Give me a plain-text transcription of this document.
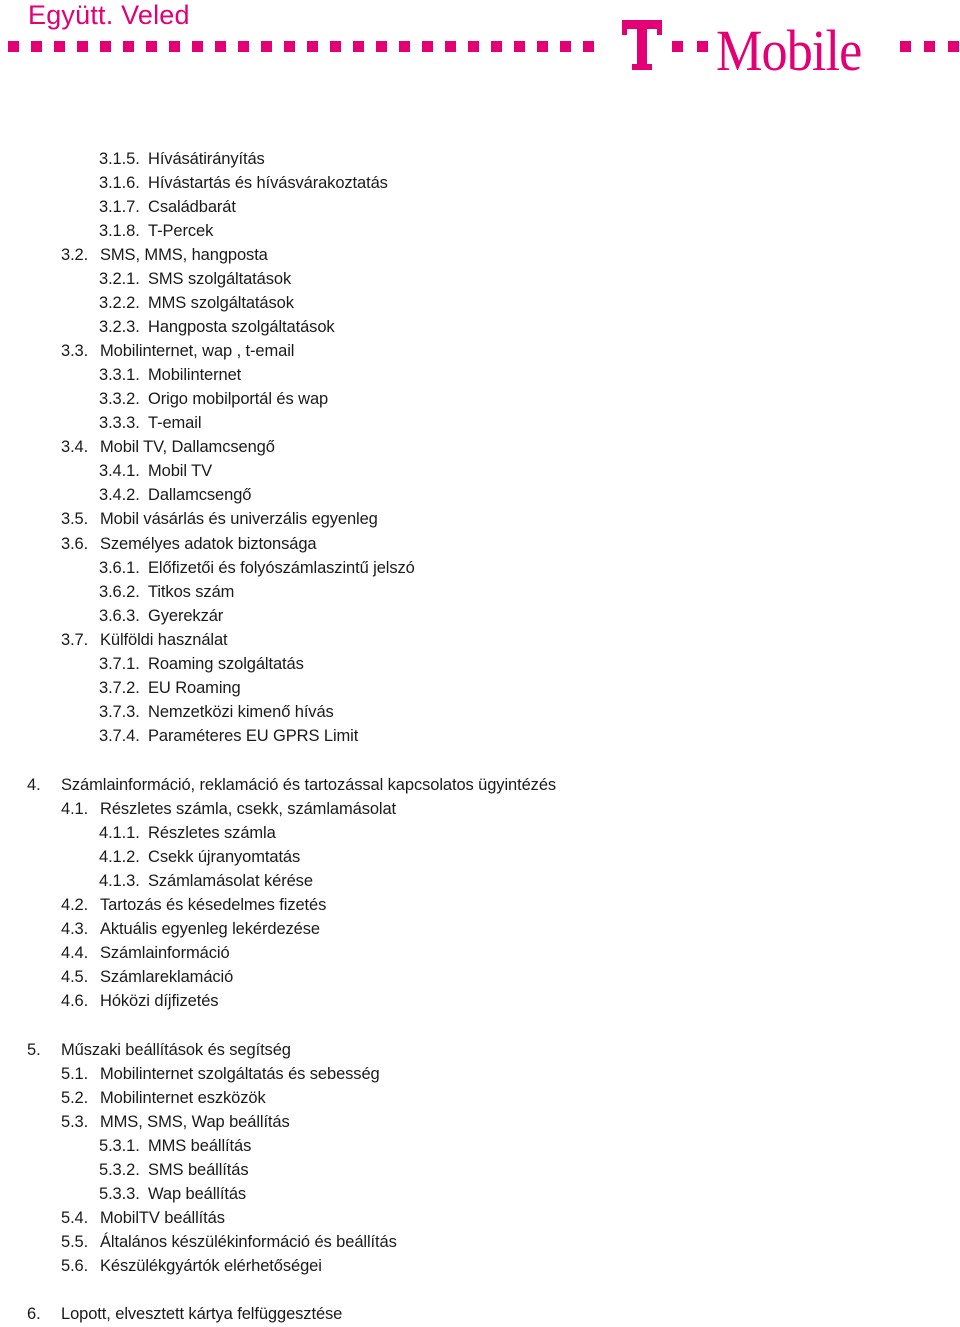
Együtt. Veled
Mobile
3.1.5. Hívásátirányítás
3.1.6. Hívástartás és hívásvárakoztatás
3.1.7. Családbarát
3.1.8. T-Percek
3.2. SMS, MMS, hangposta
3.2.1. SMS szolgáltatások
3.2.2. MMS szolgáltatások
3.2.3. Hangposta szolgáltatások
3.3. Mobilinternet, wap , t-email
3.3.1. Mobilinternet
3.3.2. Origo mobilportál és wap
3.3.3. T-email
3.4. Mobil TV, Dallamcsengő
3.4.1. Mobil TV
3.4.2. Dallamcsengő
3.5. Mobil vásárlás és univerzális egyenleg
3.6. Személyes adatok biztonsága
3.6.1. Előfizetői és folyószámlaszintű jelszó
3.6.2. Titkos szám
3.6.3. Gyerekzár
3.7. Külföldi használat
3.7.1. Roaming szolgáltatás
3.7.2. EU Roaming
3.7.3. Nemzetközi kimenő hívás
3.7.4. Paraméteres EU GPRS Limit
4. Számlainformáció, reklamáció és tartozással kapcsolatos ügyintézés
4.1. Részletes számla, csekk, számlamásolat
4.1.1. Részletes számla
4.1.2. Csekk újranyomtatás
4.1.3. Számlamásolat kérése
4.2. Tartozás és késedelmes fizetés
4.3. Aktuális egyenleg lekérdezése
4.4. Számlainformáció
4.5. Számlareklamáció
4.6. Hóközi díjfizetés
5. Műszaki beállítások és segítség
5.1. Mobilinternet szolgáltatás és sebesség
5.2. Mobilinternet eszközök
5.3. MMS, SMS, Wap beállítás
5.3.1. MMS beállítás
5.3.2. SMS beállítás
5.3.3. Wap beállítás
5.4. MobilTV beállítás
5.5. Általános készülékinformáció és beállítás
5.6. Készülékgyártók elérhetőségei
6. Lopott, elvesztett kártya felfüggesztése
